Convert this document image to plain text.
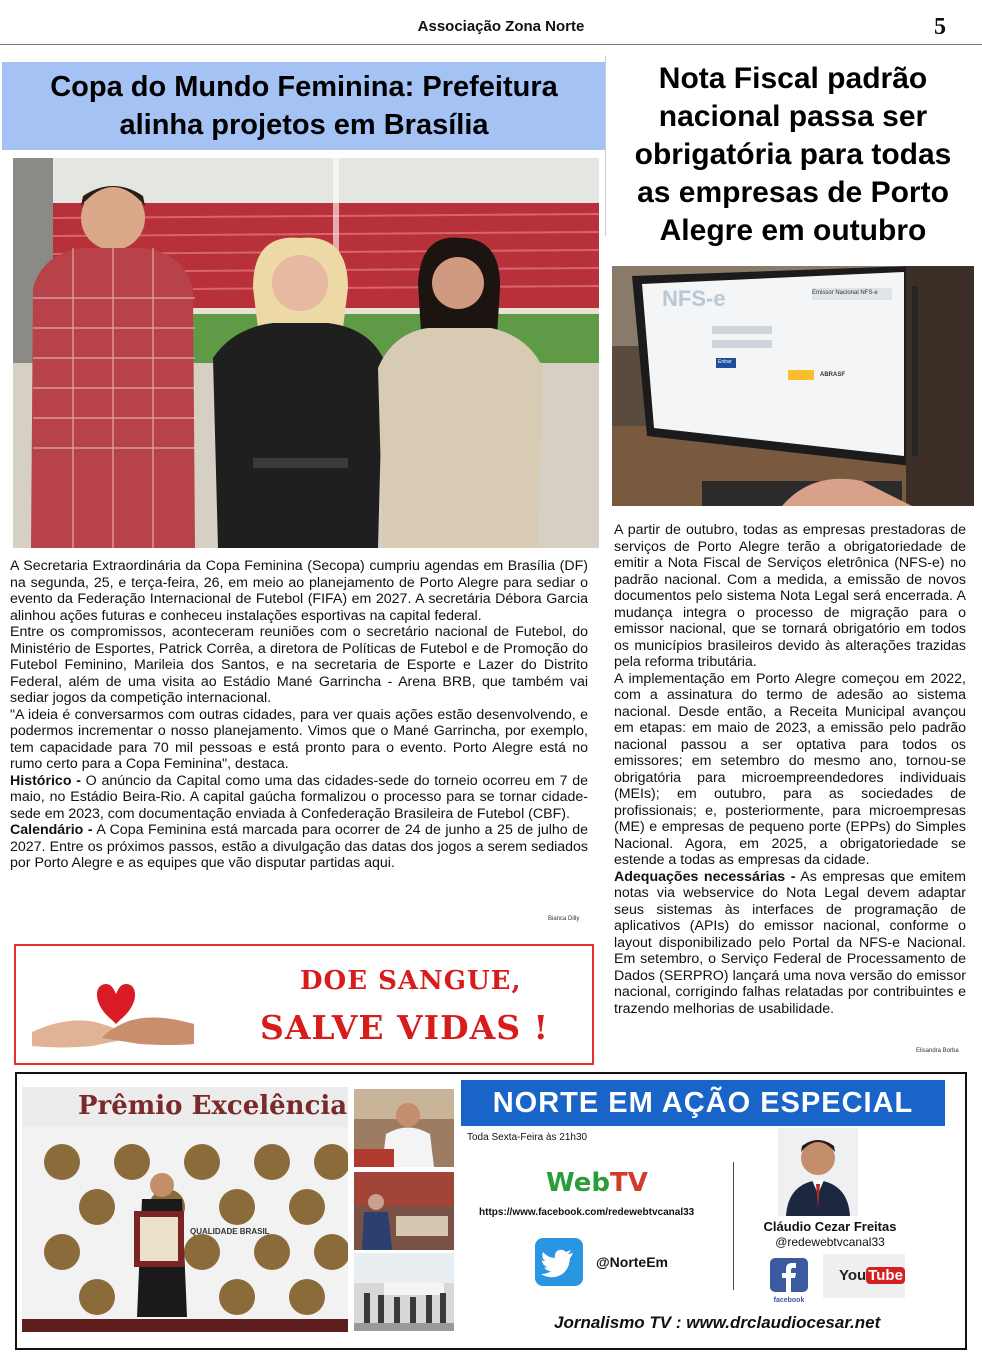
Associação Zona Norte	5
Copa do Mundo Feminina: Prefeitura
alinha projetos em Brasília
Nota Fiscal padrão
nacional passa ser
obrigatória para todas
as empresas de Porto
Alegre em outubro
NFS-e	Emissor Nacional NFS-e
Entrar
ABRASF

A Secretaria Extraordinária da Copa Feminina (Secopa) cumpriu agendas em Brasília (DF) na segunda, 25, e terça-feira, 26, em meio ao planejamento de Porto Alegre para sediar o evento da Federação Internacional de Futebol (FIFA) em 2027. A secretária Débora Garcia alinhou ações futuras e conheceu instalações esportivas na capital federal.

Entre os compromissos, aconteceram reuniões com o secretário nacional de Futebol, do Ministério de Esportes, Patrick Corrêa, a diretora de Políticas de Futebol e de Promoção do Futebol Feminino, Marileia dos Santos, e na secretaria de Esporte e Lazer do Distrito Federal, além de uma visita ao Estádio Mané Garrincha - Arena BRB, que também vai sediar jogos da competição internacional.

"A ideia é conversarmos com outras cidades, para ver quais ações estão desenvolvendo, e podermos incrementar o nosso planejamento. Vimos que o Mané Garrincha, por exemplo, tem capacidade para 70 mil pessoas e está pronto para o evento. Porto Alegre está no rumo certo para a Copa Feminina", destaca.

Histórico - O anúncio da Capital como uma das cidades-sede do torneio ocorreu em 7 de maio, no Estádio Beira-Rio. A capital gaúcha formalizou o processo para se tornar cidade-sede em 2023, com documentação enviada à Confederação Brasileira de Futebol (CBF).

Calendário - A Copa Feminina está marcada para ocorrer de 24 de junho a 25 de julho de 2027. Entre os próximos passos, estão a divulgação das datas dos jogos a serem sediados por Porto Alegre e as equipes que vão disputar partidas aqui.

Bianca Dilly

A partir de outubro, todas as empresas prestadoras de serviços de Porto Alegre terão a obrigatoriedade de emitir a Nota Fiscal de Serviços eletrônica (NFS-e) no padrão nacional. Com a medida, a emissão de novos documentos pelo sistema Nota Legal será encerrada. A mudança integra o processo de migração para o emissor nacional, que se tornará obrigatório em todos os municípios brasileiros devido às alterações trazidas pela reforma tributária.

A implementação em Porto Alegre começou em 2022, com a assinatura do termo de adesão ao sistema nacional. Desde então, a Receita Municipal avançou em etapas: em maio de 2023, a emissão pelo padrão nacional passou a ser optativa para todos os emissores; em setembro do mesmo ano, tornou-se obrigatória para microempreendedores individuais (MEIs); em outubro, para as sociedades de profissionais; e, posteriormente, para microempresas (ME) e empresas de pequeno porte (EPPs) do Simples Nacional. Agora, em 2025, a obrigatoriedade se estende a todas as empresas da cidade.

Adequações necessárias - As empresas que emitem notas via webservice do Nota Legal devem adaptar seus sistemas às interfaces de programação de aplicativos (APIs) do emissor nacional, conforme o layout disponibilizado pelo Portal da NFS-e Nacional. Em setembro, o Serviço Federal de Processamento de Dados (SERPRO) lançará uma nova versão do emissor nacional, corrigindo falhas relatadas por contribuintes e trazendo melhorias de usabilidade.

Elisandra Borba
DOE SANGUE,
SALVE VIDAS !
Prêmio Excelência
QUALIDADE BRASIL
NORTE EM AÇÃO ESPECIAL
Toda Sexta-Feira às 21h30
WebTV
https://www.facebook.com/redewebtvcanal33
@NorteEm
Cláudio Cezar Freitas
@redewebtvcanal33
facebook
You Tube
Jornalismo TV : www.drclaudiocesar.net
